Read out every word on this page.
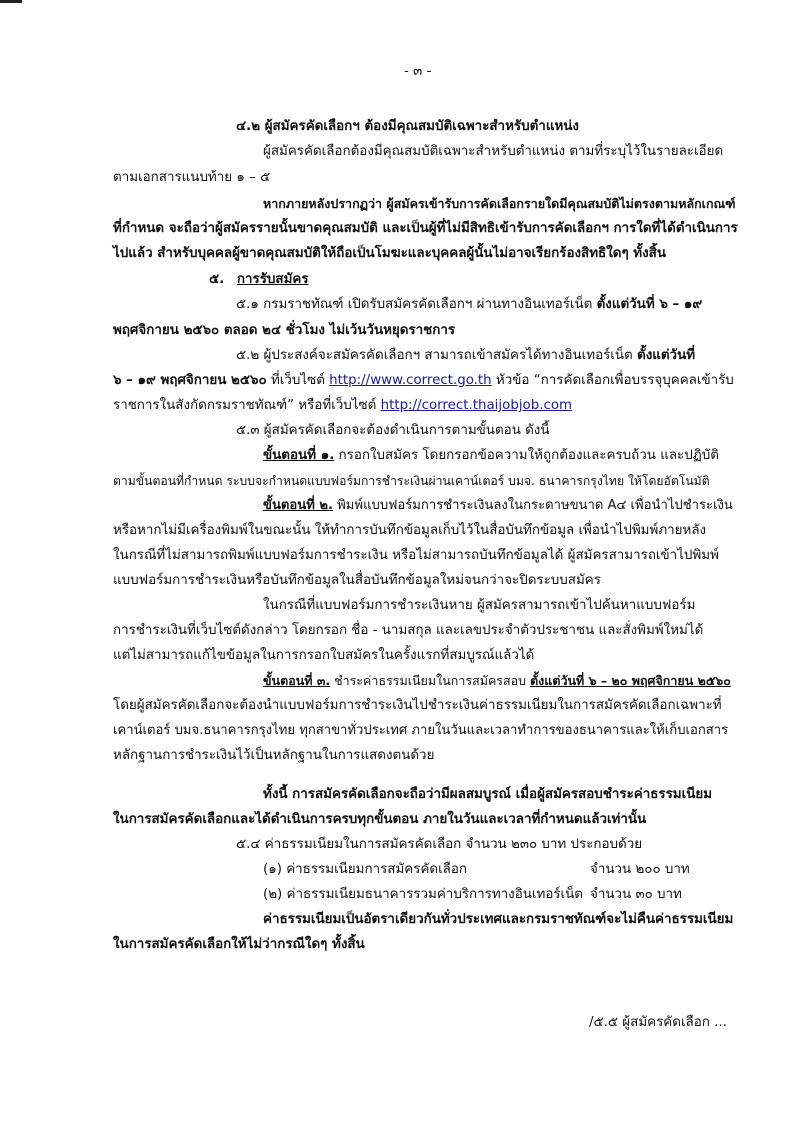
- ๓ -
๔.๒ ผู้สมัครคัดเลือกฯ ต้องมีคุณสมบัติเฉพาะสำหรับตำแหน่ง
ผู้สมัครคัดเลือกต้องมีคุณสมบัติเฉพาะสำหรับตำแหน่ง ตามที่ระบุไว้ในรายละเอียด
ตามเอกสารแนบท้าย ๑ – ๕
หากภายหลังปรากฏว่า ผู้สมัครเข้ารับการคัดเลือกรายใดมีคุณสมบัติไม่ตรงตามหลักเกณฑ์
ที่กำหนด จะถือว่าผู้สมัครรายนั้นขาดคุณสมบัติ และเป็นผู้ที่ไม่มีสิทธิเข้ารับการคัดเลือกฯ การใดที่ได้ดำเนินการ
ไปแล้ว สำหรับบุคคลผู้ขาดคุณสมบัติให้ถือเป็นโมฆะและบุคคลผู้นั้นไม่อาจเรียกร้องสิทธิใดๆ ทั้งสิ้น
๕. การรับสมัคร
๕.๑ กรมราชทัณฑ์ เปิดรับสมัครคัดเลือกฯ ผ่านทางอินเทอร์เน็ต ตั้งแต่วันที่ ๖ – ๑๙
พฤศจิกายน ๒๕๖๐ ตลอด ๒๔ ชั่วโมง ไม่เว้นวันหยุดราชการ
๕.๒ ผู้ประสงค์จะสมัครคัดเลือกฯ สามารถเข้าสมัครได้ทางอินเทอร์เน็ต ตั้งแต่วันที่
๖ – ๑๙ พฤศจิกายน ๒๕๖๐ ที่เว็บไซต์ http://www.correct.go.th หัวข้อ “การคัดเลือกเพื่อบรรจุบุคคลเข้ารับ
ราชการในสังกัดกรมราชทัณฑ์” หรือที่เว็บไซต์ http://correct.thaijobjob.com
๕.๓ ผู้สมัครคัดเลือกจะต้องดำเนินการตามขั้นตอน ดังนี้
ขั้นตอนที่ ๑. กรอกใบสมัคร โดยกรอกข้อความให้ถูกต้องและครบถ้วน และปฏิบัติ
ตามขั้นตอนที่กำหนด ระบบจะกำหนดแบบฟอร์มการชำระเงินผ่านเคาน์เตอร์ บมจ. ธนาคารกรุงไทย ให้โดยอัตโนมัติ
ขั้นตอนที่ ๒. พิมพ์แบบฟอร์มการชำระเงินลงในกระดาษขนาด A๔ เพื่อนำไปชำระเงิน
หรือหากไม่มีเครื่องพิมพ์ในขณะนั้น ให้ทำการบันทึกข้อมูลเก็บไว้ในสื่อบันทึกข้อมูล เพื่อนำไปพิมพ์ภายหลัง
ในกรณีที่ไม่สามารถพิมพ์แบบฟอร์มการชำระเงิน หรือไม่สามารถบันทึกข้อมูลได้ ผู้สมัครสามารถเข้าไปพิมพ์
แบบฟอร์มการชำระเงินหรือบันทึกข้อมูลในสื่อบันทึกข้อมูลใหม่จนกว่าจะปิดระบบสมัคร
ในกรณีที่แบบฟอร์มการชำระเงินหาย ผู้สมัครสามารถเข้าไปค้นหาแบบฟอร์ม
การชำระเงินที่เว็บไซต์ดังกล่าว โดยกรอก ชื่อ - นามสกุล และเลขประจำตัวประชาชน และสั่งพิมพ์ใหม่ได้
แต่ไม่สามารถแก้ไขข้อมูลในการกรอกใบสมัครในครั้งแรกที่สมบูรณ์แล้วได้
ขั้นตอนที่ ๓. ชำระค่าธรรมเนียมในการสมัครสอบ ตั้งแต่วันที่ ๖ – ๒๐ พฤศจิกายน ๒๕๖๐
โดยผู้สมัครคัดเลือกจะต้องนำแบบฟอร์มการชำระเงินไปชำระเงินค่าธรรมเนียมในการสมัครคัดเลือกเฉพาะที่
เคาน์เตอร์ บมจ.ธนาคารกรุงไทย ทุกสาขาทั่วประเทศ ภายในวันและเวลาทำการของธนาคารและให้เก็บเอกสาร
หลักฐานการชำระเงินไว้เป็นหลักฐานในการแสดงตนด้วย
ทั้งนี้ การสมัครคัดเลือกจะถือว่ามีผลสมบูรณ์ เมื่อผู้สมัครสอบชำระค่าธรรมเนียม
ในการสมัครคัดเลือกและได้ดำเนินการครบทุกขั้นตอน ภายในวันและเวลาที่กำหนดแล้วเท่านั้น
๕.๔ ค่าธรรมเนียมในการสมัครคัดเลือก จำนวน ๒๓๐ บาท ประกอบด้วย
(๑) ค่าธรรมเนียมการสมัครคัดเลือก	จำนวน ๒๐๐ บาท
(๒) ค่าธรรมเนียมธนาคารรวมค่าบริการทางอินเทอร์เน็ต จำนวน ๓๐ บาท
ค่าธรรมเนียมเป็นอัตราเดียวกันทั่วประเทศและกรมราชทัณฑ์จะไม่คืนค่าธรรมเนียม
ในการสมัครคัดเลือกให้ไม่ว่ากรณีใดๆ ทั้งสิ้น
/๕.๕ ผู้สมัครคัดเลือก ...
